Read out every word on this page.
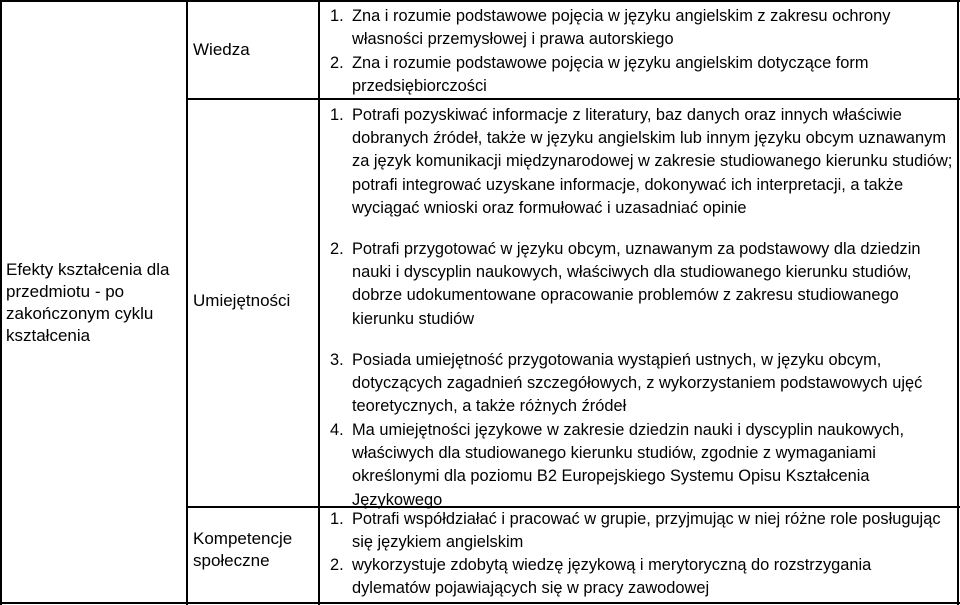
Efekty kształcenia dla przedmiotu - po zakończonym cyklu kształcenia
Wiedza
Umiejętności
Kompetencje społeczne
1. Zna i rozumie podstawowe pojęcia w języku angielskim z zakresu ochrony własności przemysłowej i prawa autorskiego
2. Zna i rozumie podstawowe pojęcia w języku angielskim dotyczące form przedsiębiorczości
1. Potrafi pozyskiwać informacje z literatury, baz danych oraz innych właściwie dobranych źródeł, także w języku angielskim lub innym języku obcym uznawanym za język komunikacji międzynarodowej w zakresie studiowanego kierunku studiów; potrafi integrować uzyskane informacje, dokonywać ich interpretacji, a także wyciągać wnioski oraz formułować i uzasadniać opinie
2. Potrafi przygotować w języku obcym, uznawanym za podstawowy dla dziedzin nauki i dyscyplin naukowych, właściwych dla studiowanego kierunku studiów, dobrze udokumentowane opracowanie problemów z zakresu studiowanego kierunku studiów
3. Posiada umiejętność przygotowania wystąpień ustnych, w języku obcym, dotyczących zagadnień szczegółowych, z wykorzystaniem podstawowych ujęć teoretycznych, a także różnych źródeł
4. Ma umiejętności językowe w zakresie dziedzin nauki i dyscyplin naukowych, właściwych dla studiowanego kierunku studiów, zgodnie z wymaganiami określonymi dla poziomu B2 Europejskiego Systemu Opisu Kształcenia Językowego
1. Potrafi współdziałać i pracować w grupie, przyjmując w niej różne role posługując się językiem angielskim
2. wykorzystuje zdobytą wiedzę językową i merytoryczną do rozstrzygania dylematów pojawiających się w pracy zawodowej
